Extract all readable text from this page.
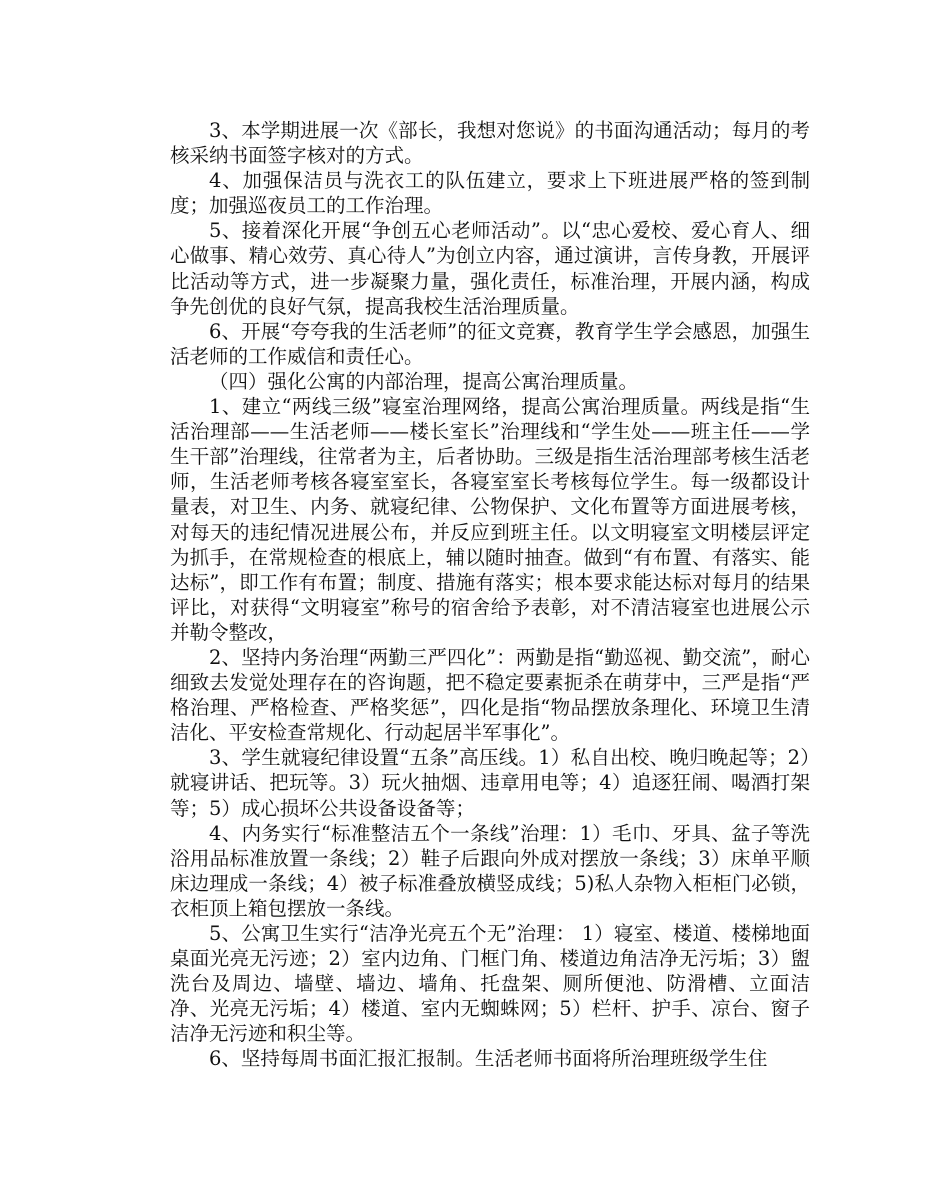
3、本学期进展一次《部长，我想对您说》的书面沟通活动；每月的考核采纳书面签字核对的方式。

4、加强保洁员与洗衣工的队伍建立，要求上下班进展严格的签到制度；加强巡夜员工的工作治理。

5、接着深化开展“争创五心老师活动”。以“忠心爱校、爱心育人、细心做事、精心效劳、真心待人”为创立内容，通过演讲，言传身教，开展评比活动等方式，进一步凝聚力量，强化责任，标准治理，开展内涵，构成争先创优的良好气氛，提高我校生活治理质量。

6、开展“夸夸我的生活老师”的征文竞赛，教育学生学会感恩，加强生活老师的工作威信和责任心。

（四）强化公寓的内部治理，提高公寓治理质量。

1、建立“两线三级”寝室治理网络，提高公寓治理质量。两线是指“生活治理部——生活老师——楼长室长”治理线和“学生处——班主任——学生干部”治理线，往常者为主，后者协助。三级是指生活治理部考核生活老师，生活老师考核各寝室室长，各寝室室长考核每位学生。每一级都设计量表，对卫生、内务、就寝纪律、公物保护、文化布置等方面进展考核，对每天的违纪情况进展公布，并反应到班主任。以文明寝室文明楼层评定为抓手，在常规检查的根底上，辅以随时抽查。做到“有布置、有落实、能达标”，即工作有布置；制度、措施有落实；根本要求能达标对每月的结果评比，对获得“文明寝室”称号的宿舍给予表彰，对不清洁寝室也进展公示并勒令整改，

2、坚持内务治理“两勤三严四化”：两勤是指“勤巡视、勤交流”，耐心细致去发觉处理存在的咨询题，把不稳定要素扼杀在萌芽中，三严是指“严格治理、严格检查、严格奖惩”，四化是指“物品摆放条理化、环境卫生清洁化、平安检查常规化、行动起居半军事化”。

3、学生就寝纪律设置“五条”高压线。1）私自出校、晚归晚起等；2）就寝讲话、把玩等。3）玩火抽烟、违章用电等；4）追逐狂闹、喝酒打架等；5）成心损坏公共设备设备等；

4、内务实行“标准整洁五个一条线”治理：1）毛巾、牙具、盆子等洗浴用品标准放置一条线；2）鞋子后跟向外成对摆放一条线；3）床单平顺床边理成一条线；4）被子标准叠放横竖成线；5)私人杂物入柜柜门必锁，衣柜顶上箱包摆放一条线。

5、公寓卫生实行“洁净光亮五个无”治理： 1）寝室、楼道、楼梯地面桌面光亮无污迹；2）室内边角、门框门角、楼道边角洁净无污垢；3）盥洗台及周边、墙壁、墙边、墙角、托盘架、厕所便池、防滑槽、立面洁净、光亮无污垢；4）楼道、室内无蜘蛛网；5）栏杆、护手、凉台、窗子洁净无污迹和积尘等。

6、坚持每周书面汇报汇报制。生活老师书面将所治理班级学生住
